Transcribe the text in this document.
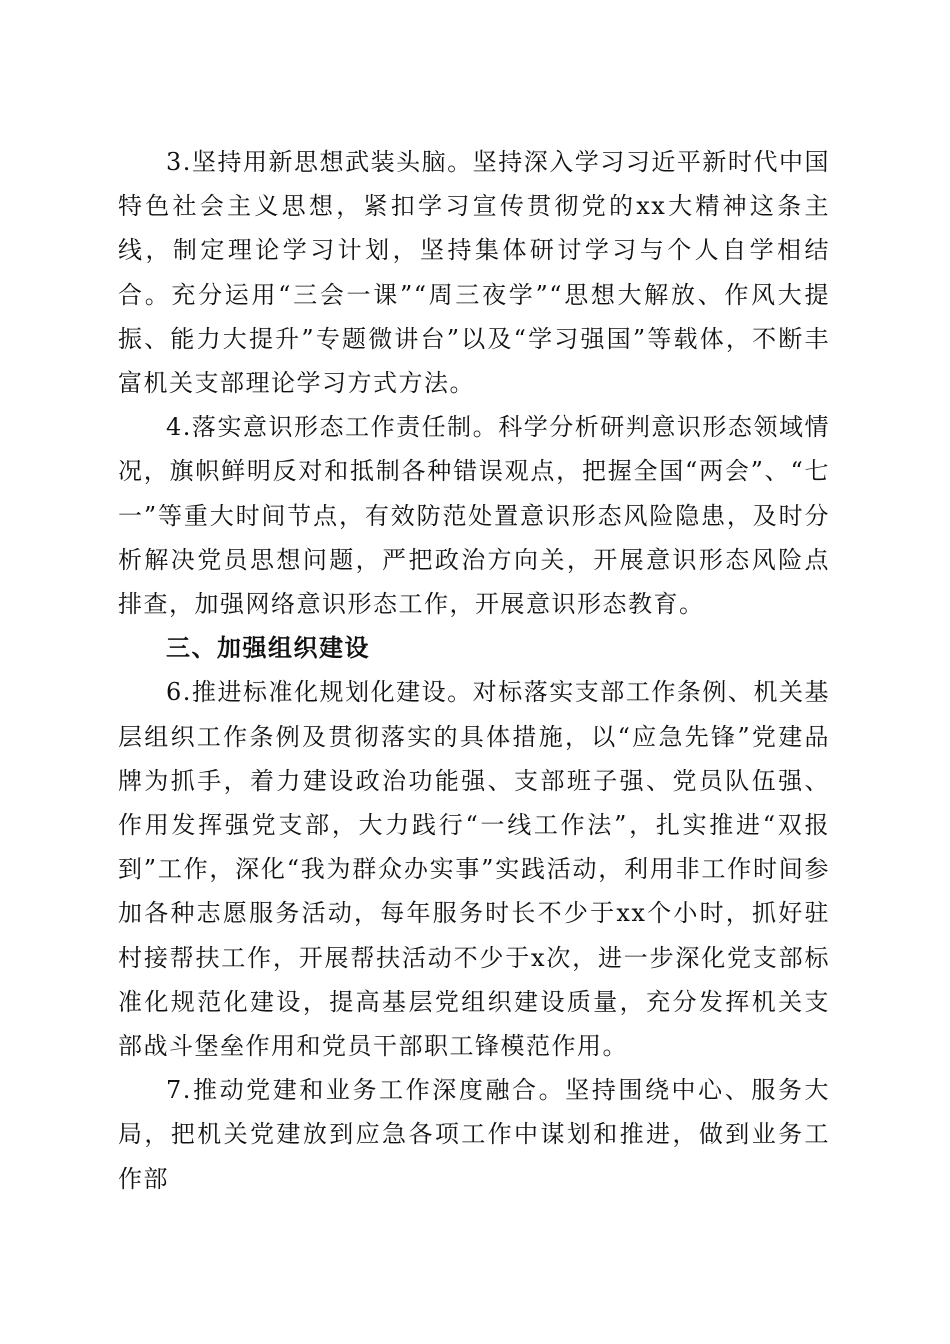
3.坚持用新思想武装头脑。坚持深入学习习近平新时代中国特色社会主义思想，紧扣学习宣传贯彻党的xx大精神这条主线，制定理论学习计划，坚持集体研讨学习与个人自学相结合。充分运用“三会一课”“周三夜学”“思想大解放、作风大提振、能力大提升”专题微讲台”以及“学习强国”等载体，不断丰富机关支部理论学习方式方法。

4.落实意识形态工作责任制。科学分析研判意识形态领域情况，旗帜鲜明反对和抵制各种错误观点，把握全国“两会”、“七一”等重大时间节点，有效防范处置意识形态风险隐患，及时分析解决党员思想问题，严把政治方向关，开展意识形态风险点排查，加强网络意识形态工作，开展意识形态教育。

三、加强组织建设

6.推进标准化规划化建设。对标落实支部工作条例、机关基层组织工作条例及贯彻落实的具体措施，以“应急先锋”党建品牌为抓手，着力建设政治功能强、支部班子强、党员队伍强、作用发挥强党支部，大力践行“一线工作法”，扎实推进“双报到”工作，深化“我为群众办实事”实践活动，利用非工作时间参加各种志愿服务活动，每年服务时长不少于xx个小时，抓好驻村接帮扶工作，开展帮扶活动不少于x次，进一步深化党支部标准化规范化建设，提高基层党组织建设质量，充分发挥机关支部战斗堡垒作用和党员干部职工锋模范作用。

7.推动党建和业务工作深度融合。坚持围绕中心、服务大局，把机关党建放到应急各项工作中谋划和推进，做到业务工作部
